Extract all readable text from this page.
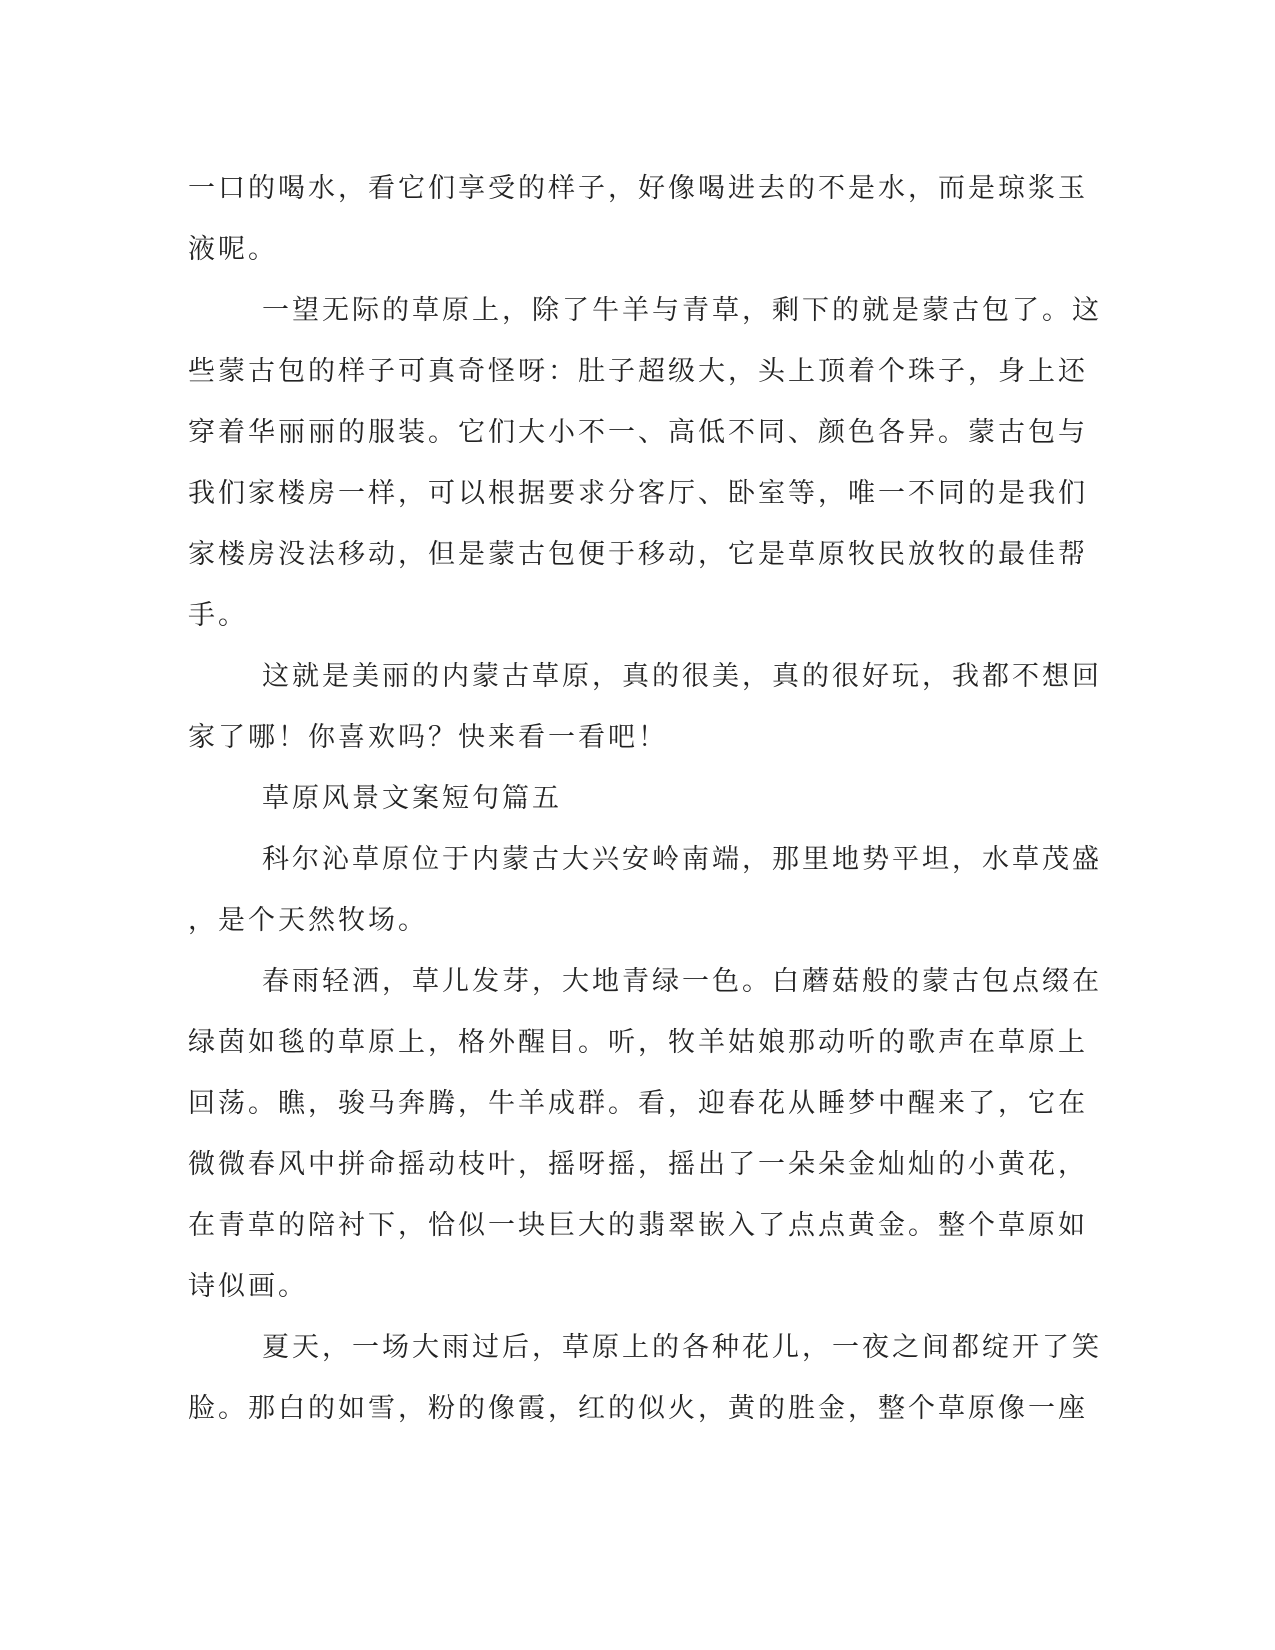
一口的喝水，看它们享受的样子，好像喝进去的不是水，而是琼浆玉
液呢。
一望无际的草原上，除了牛羊与青草，剩下的就是蒙古包了。这
些蒙古包的样子可真奇怪呀：肚子超级大，头上顶着个珠子，身上还
穿着华丽丽的服装。它们大小不一、高低不同、颜色各异。蒙古包与
我们家楼房一样，可以根据要求分客厅、卧室等，唯一不同的是我们
家楼房没法移动，但是蒙古包便于移动，它是草原牧民放牧的最佳帮
手。
这就是美丽的内蒙古草原，真的很美，真的很好玩，我都不想回
家了哪！你喜欢吗？快来看一看吧！
草原风景文案短句篇五
科尔沁草原位于内蒙古大兴安岭南端，那里地势平坦，水草茂盛
，是个天然牧场。
春雨轻洒，草儿发芽，大地青绿一色。白蘑菇般的蒙古包点缀在
绿茵如毯的草原上，格外醒目。听，牧羊姑娘那动听的歌声在草原上
回荡。瞧，骏马奔腾，牛羊成群。看，迎春花从睡梦中醒来了，它在
微微春风中拼命摇动枝叶，摇呀摇，摇出了一朵朵金灿灿的小黄花，
在青草的陪衬下，恰似一块巨大的翡翠嵌入了点点黄金。整个草原如
诗似画。
夏天，一场大雨过后，草原上的各种花儿，一夜之间都绽开了笑
脸。那白的如雪，粉的像霞，红的似火，黄的胜金，整个草原像一座
